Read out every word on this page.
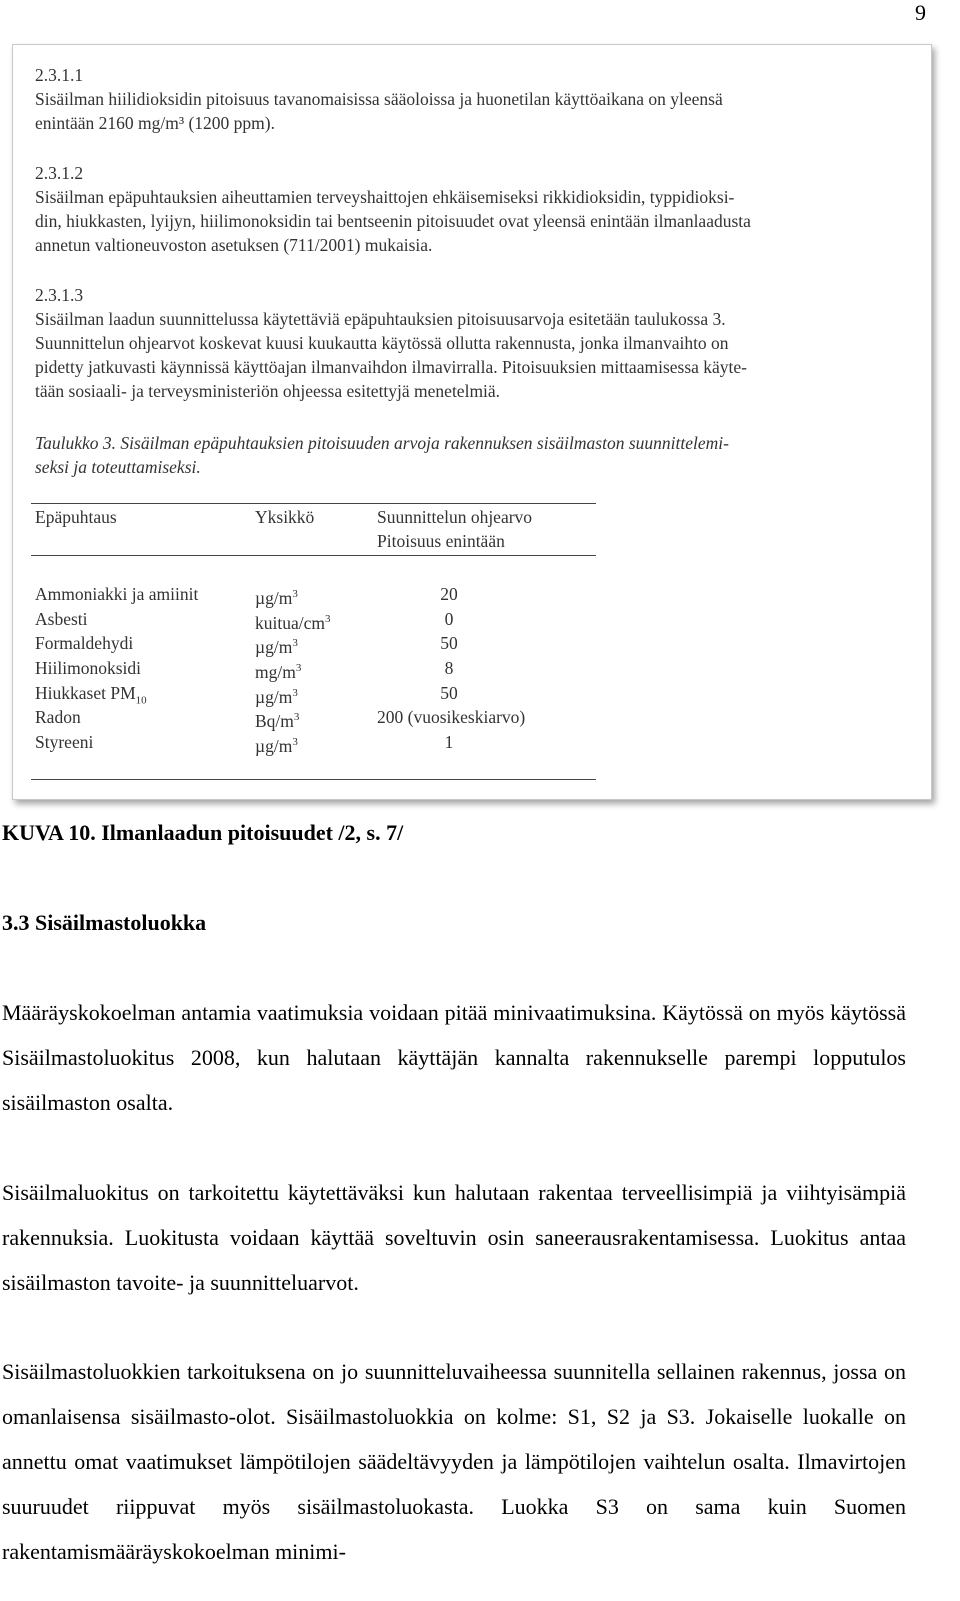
9
2.3.1.1
Sisäilman hiilidioksidin pitoisuus tavanomaisissa sääoloissa ja huonetilan käyttöaikana on yleensä
enintään 2160 mg/m³ (1200 ppm).
2.3.1.2
Sisäilman epäpuhtauksien aiheuttamien terveyshaittojen ehkäisemiseksi rikkidioksidin, typpidioksi-
din, hiukkasten, lyijyn, hiilimonoksidin tai bentseenin pitoisuudet ovat yleensä enintään ilmanlaadusta
annetun valtioneuvoston asetuksen (711/2001) mukaisia.
2.3.1.3
Sisäilman laadun suunnittelussa käytettäviä epäpuhtauksien pitoisuusarvoja esitetään taulukossa 3.
Suunnittelun ohjearvot koskevat kuusi kuukautta käytössä ollutta rakennusta, jonka ilmanvaihto on
pidetty jatkuvasti käynnissä käyttöajan ilmanvaihdon ilmavirralla. Pitoisuuksien mittaamisessa käyte-
tään sosiaali- ja terveysministeriön ohjeessa esitettyjä menetelmiä.
Taulukko 3. Sisäilman epäpuhtauksien pitoisuuden arvoja rakennuksen sisäilmaston suunnittelemi-
seksi ja toteuttamiseksi.
Epäpuhtaus	Yksikkö	Suunnittelun ohjearvo
Pitoisuus enintään
Ammoniakki ja amiinit	$\mu g/m^3$	20
Asbesti	kuitua/$cm^3$	0
Formaldehydi	$\mu g/m^3$	50
Hiilimonoksidi	$mg/m^3$	8
Hiukkaset $PM_{10}$	$\mu g/m^3$	50
Radon	$Bq/m^3$	200 (vuosikeskiarvo)
Styreeni	$\mu g/m^3$	1
KUVA 10. Ilmanlaadun pitoisuudet /2, s. 7/
3.3 Sisäilmastoluokka
Määräyskokoelman antamia vaatimuksia voidaan pitää minivaatimuksina. Käytössä on myös käytössä Sisäilmastoluokitus 2008, kun halutaan käyttäjän kannalta rakennukselle parempi lopputulos sisäilmaston osalta.
Sisäilmaluokitus on tarkoitettu käytettäväksi kun halutaan rakentaa terveellisimpiä ja viihtyisämpiä rakennuksia. Luokitusta voidaan käyttää soveltuvin osin saneerausrakentamisessa. Luokitus antaa sisäilmaston tavoite- ja suunnitteluarvot.
Sisäilmastoluokkien tarkoituksena on jo suunnitteluvaiheessa suunnitella sellainen rakennus, jossa on omanlaisensa sisäilmasto-olot. Sisäilmastoluokkia on kolme: S1, S2 ja S3. Jokaiselle luokalle on annettu omat vaatimukset lämpötilojen säädeltävyyden ja lämpötilojen vaihtelun osalta. Ilmavirtojen suuruudet riippuvat myös sisäilmastoluokasta. Luokka S3 on sama kuin Suomen rakentamismääräyskokoelman minimi-
